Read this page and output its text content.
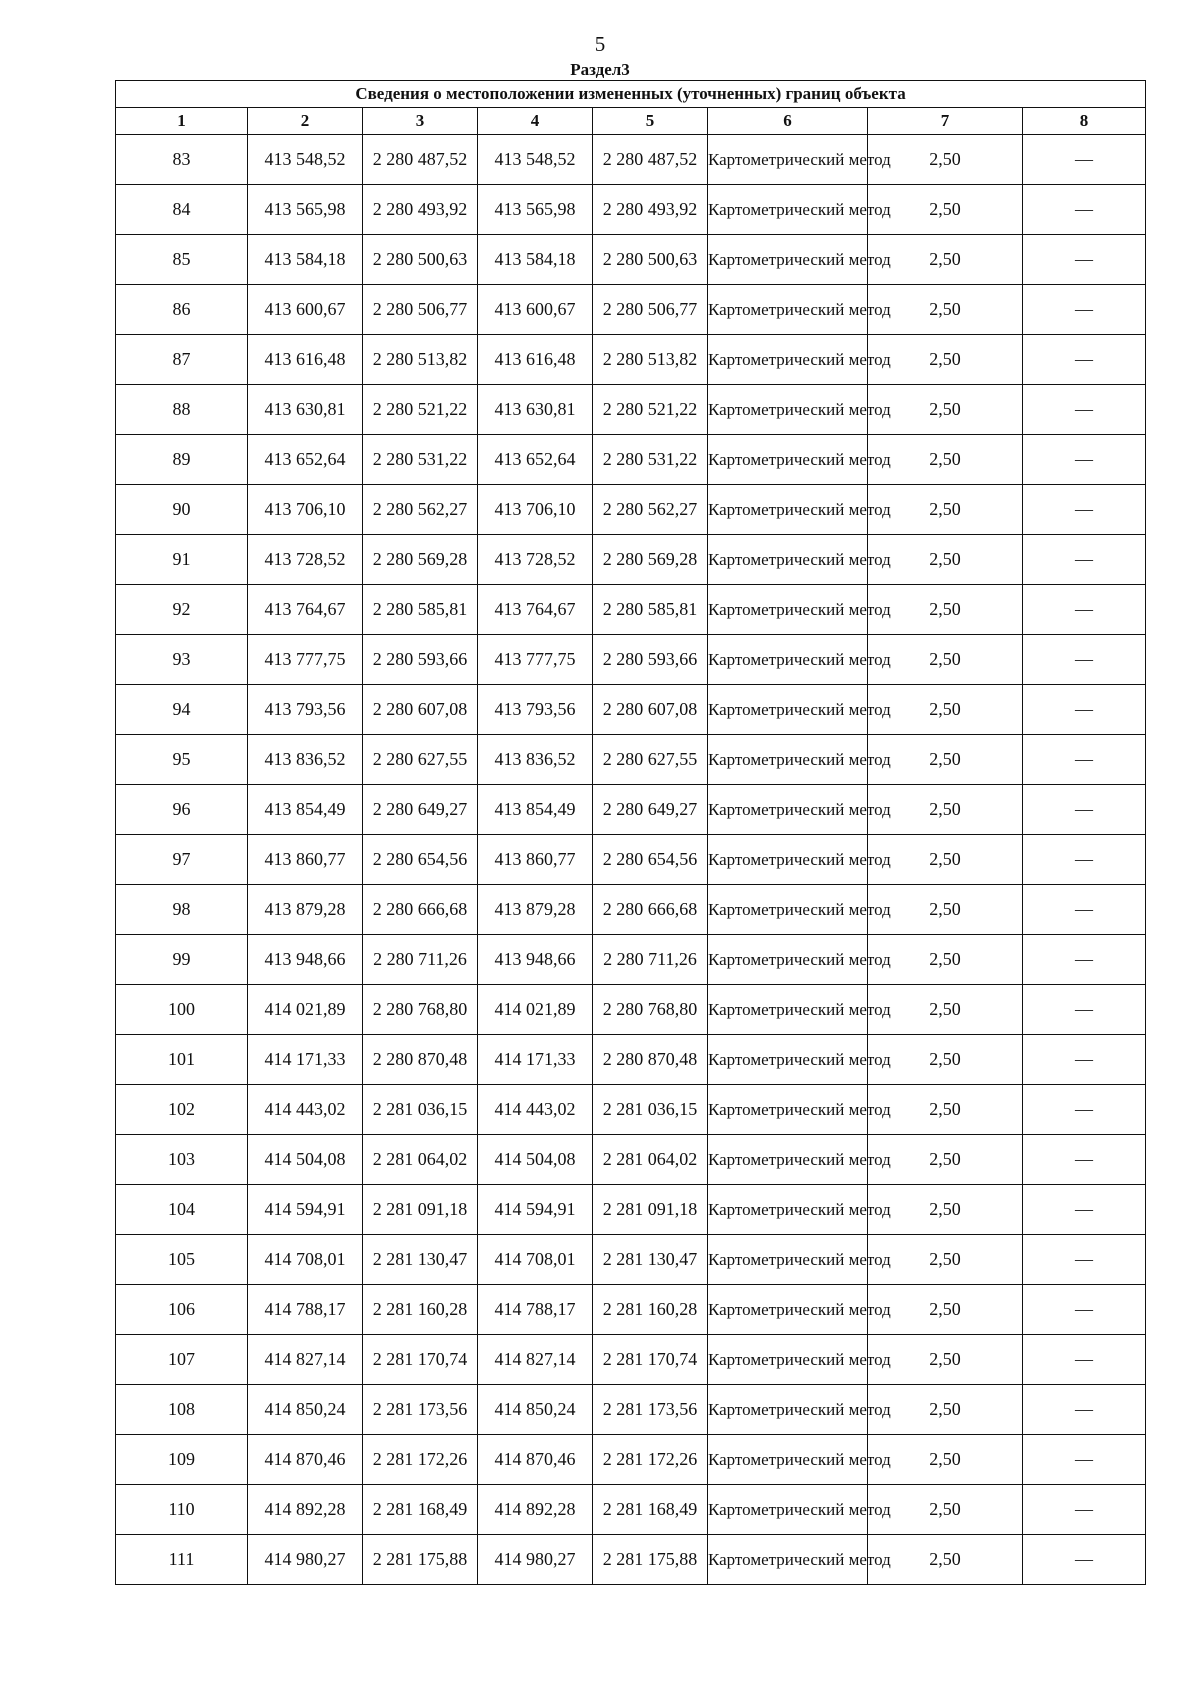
5
Раздел3
Сведения о местоположении измененных (уточненных) границ объекта							
1	2	3	4	5	6	7	8
83	413 548,52	2 280 487,52	413 548,52	2 280 487,52	Картометрический метод	2,50	—
84	413 565,98	2 280 493,92	413 565,98	2 280 493,92	Картометрический метод	2,50	—
85	413 584,18	2 280 500,63	413 584,18	2 280 500,63	Картометрический метод	2,50	—
86	413 600,67	2 280 506,77	413 600,67	2 280 506,77	Картометрический метод	2,50	—
87	413 616,48	2 280 513,82	413 616,48	2 280 513,82	Картометрический метод	2,50	—
88	413 630,81	2 280 521,22	413 630,81	2 280 521,22	Картометрический метод	2,50	—
89	413 652,64	2 280 531,22	413 652,64	2 280 531,22	Картометрический метод	2,50	—
90	413 706,10	2 280 562,27	413 706,10	2 280 562,27	Картометрический метод	2,50	—
91	413 728,52	2 280 569,28	413 728,52	2 280 569,28	Картометрический метод	2,50	—
92	413 764,67	2 280 585,81	413 764,67	2 280 585,81	Картометрический метод	2,50	—
93	413 777,75	2 280 593,66	413 777,75	2 280 593,66	Картометрический метод	2,50	—
94	413 793,56	2 280 607,08	413 793,56	2 280 607,08	Картометрический метод	2,50	—
95	413 836,52	2 280 627,55	413 836,52	2 280 627,55	Картометрический метод	2,50	—
96	413 854,49	2 280 649,27	413 854,49	2 280 649,27	Картометрический метод	2,50	—
97	413 860,77	2 280 654,56	413 860,77	2 280 654,56	Картометрический метод	2,50	—
98	413 879,28	2 280 666,68	413 879,28	2 280 666,68	Картометрический метод	2,50	—
99	413 948,66	2 280 711,26	413 948,66	2 280 711,26	Картометрический метод	2,50	—
100	414 021,89	2 280 768,80	414 021,89	2 280 768,80	Картометрический метод	2,50	—
101	414 171,33	2 280 870,48	414 171,33	2 280 870,48	Картометрический метод	2,50	—
102	414 443,02	2 281 036,15	414 443,02	2 281 036,15	Картометрический метод	2,50	—
103	414 504,08	2 281 064,02	414 504,08	2 281 064,02	Картометрический метод	2,50	—
104	414 594,91	2 281 091,18	414 594,91	2 281 091,18	Картометрический метод	2,50	—
105	414 708,01	2 281 130,47	414 708,01	2 281 130,47	Картометрический метод	2,50	—
106	414 788,17	2 281 160,28	414 788,17	2 281 160,28	Картометрический метод	2,50	—
107	414 827,14	2 281 170,74	414 827,14	2 281 170,74	Картометрический метод	2,50	—
108	414 850,24	2 281 173,56	414 850,24	2 281 173,56	Картометрический метод	2,50	—
109	414 870,46	2 281 172,26	414 870,46	2 281 172,26	Картометрический метод	2,50	—
110	414 892,28	2 281 168,49	414 892,28	2 281 168,49	Картометрический метод	2,50	—
111	414 980,27	2 281 175,88	414 980,27	2 281 175,88	Картометрический метод	2,50	—
